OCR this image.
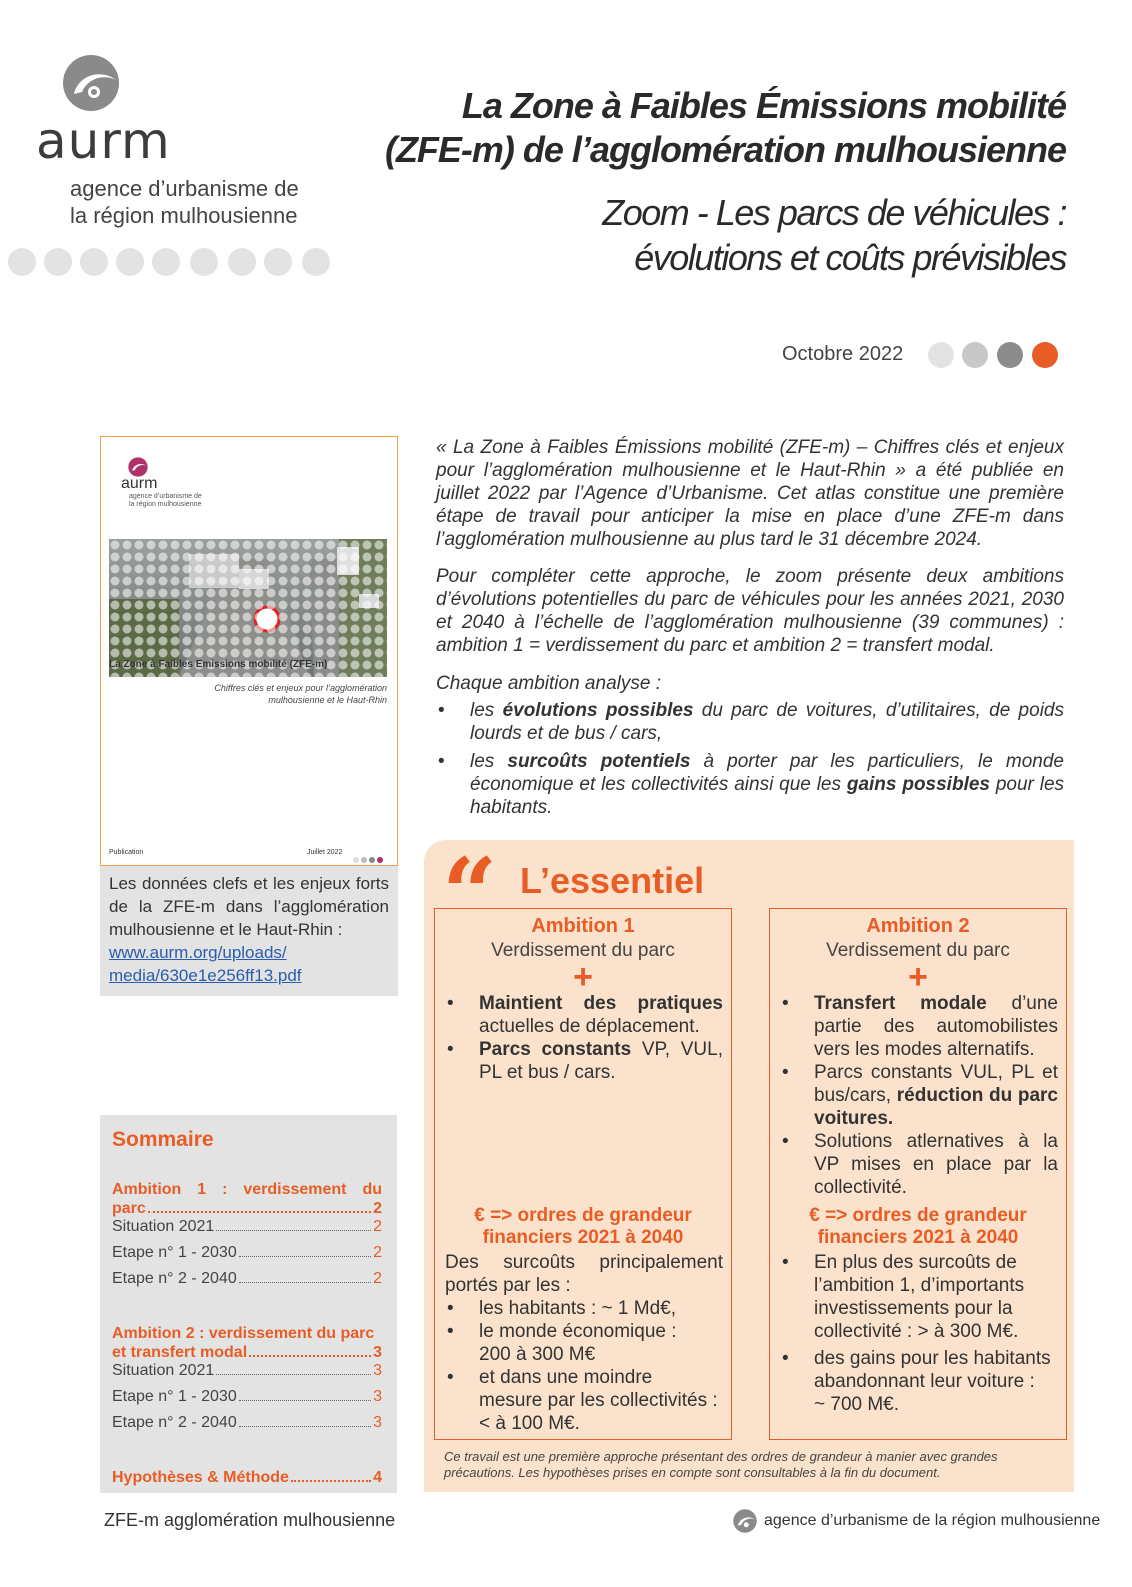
aurm
agence d’urbanisme de
la région mulhousienne
La Zone à Faibles Émissions mobilité
(ZFE-m) de l’agglomération mulhousienne
Zoom - Les parcs de véhicules :
évolutions et coûts prévisibles
Octobre 2022
aurm
agence d’urbanisme de
la région mulhousienne
La Zone à Faibles Emissions mobilité (ZFE-m)
Chiffres clés et enjeux pour l’agglomération
mulhousienne et le Haut-Rhin
Publication	Juillet 2022
Les données clefs et les enjeux forts de la ZFE-m dans l’agglomération mulhousienne et le Haut-Rhin :
www.aurm.org/uploads/
media/630e1e256ff13.pdf

« La Zone à Faibles Émissions mobilité (ZFE-m) – Chiffres clés et enjeux pour l’agglomération mulhousienne et le Haut-Rhin » a été publiée en juillet 2022 par l’Agence d’Urbanisme. Cet atlas constitue une première étape de travail pour anticiper la mise en place d’une ZFE-m dans l’agglomération mulhousienne au plus tard le 31 décembre 2024.

Pour compléter cette approche, le zoom présente deux ambitions d’évolutions potentielles du parc de véhicules pour les années 2021, 2030 et 2040 à l’échelle de l’agglomération mulhousienne (39 communes) : ambition 1 = verdissement du parc et ambition 2 = transfert modal.

Chaque ambition analyse :

• les évolutions possibles du parc de voitures, d’utilitaires, de poids lourds et de bus / cars,
• les surcoûts potentiels à porter par les particuliers, le monde économique et les collectivités ainsi que les gains possibles pour les habitants.
Sommaire
Ambition 1 : verdissement du
parc	2
Situation 2021	2
Etape n° 1 - 2030	2
Etape n° 2 - 2040	2
Ambition 2 : verdissement du parc
et transfert modal	3
Situation 2021	3
Etape n° 1 - 2030	3
Etape n° 2 - 2040	3
Hypothèses & Méthode	4
“ L’essentiel
Ambition 1
Verdissement du parc
+
• Maintient des pratiques actuelles de déplacement.
• Parcs constants VP, VUL, PL et bus / cars.
€ => ordres de grandeur
financiers 2021 à 2040
Des surcoûts principalement portés par les :
• les habitants : ~ 1 Md€,
• le monde économique :
200 à 300 M€
• et dans une moindre
mesure par les collectivités :
< à 100 M€.
Ambition 2
Verdissement du parc
+
• Transfert modale d’une partie des automobilistes vers les modes alternatifs.
• Parcs constants VUL, PL et bus/cars, réduction du parc voitures.
• Solutions atlernatives à la VP mises en place par la collectivité.
€ => ordres de grandeur
financiers 2021 à 2040
• En plus des surcoûts de
l’ambition 1, d’importants
investissements pour la
collectivité : > à 300 M€.
• des gains pour les habitants
abandonnant leur voiture :
~ 700 M€.
Ce travail est une première approche présentant des ordres de grandeur à manier avec grandes
précautions. Les hypothèses prises en compte sont consultables à la fin du document.
ZFE-m agglomération mulhousienne	agence d’urbanisme de la région mulhousienne
